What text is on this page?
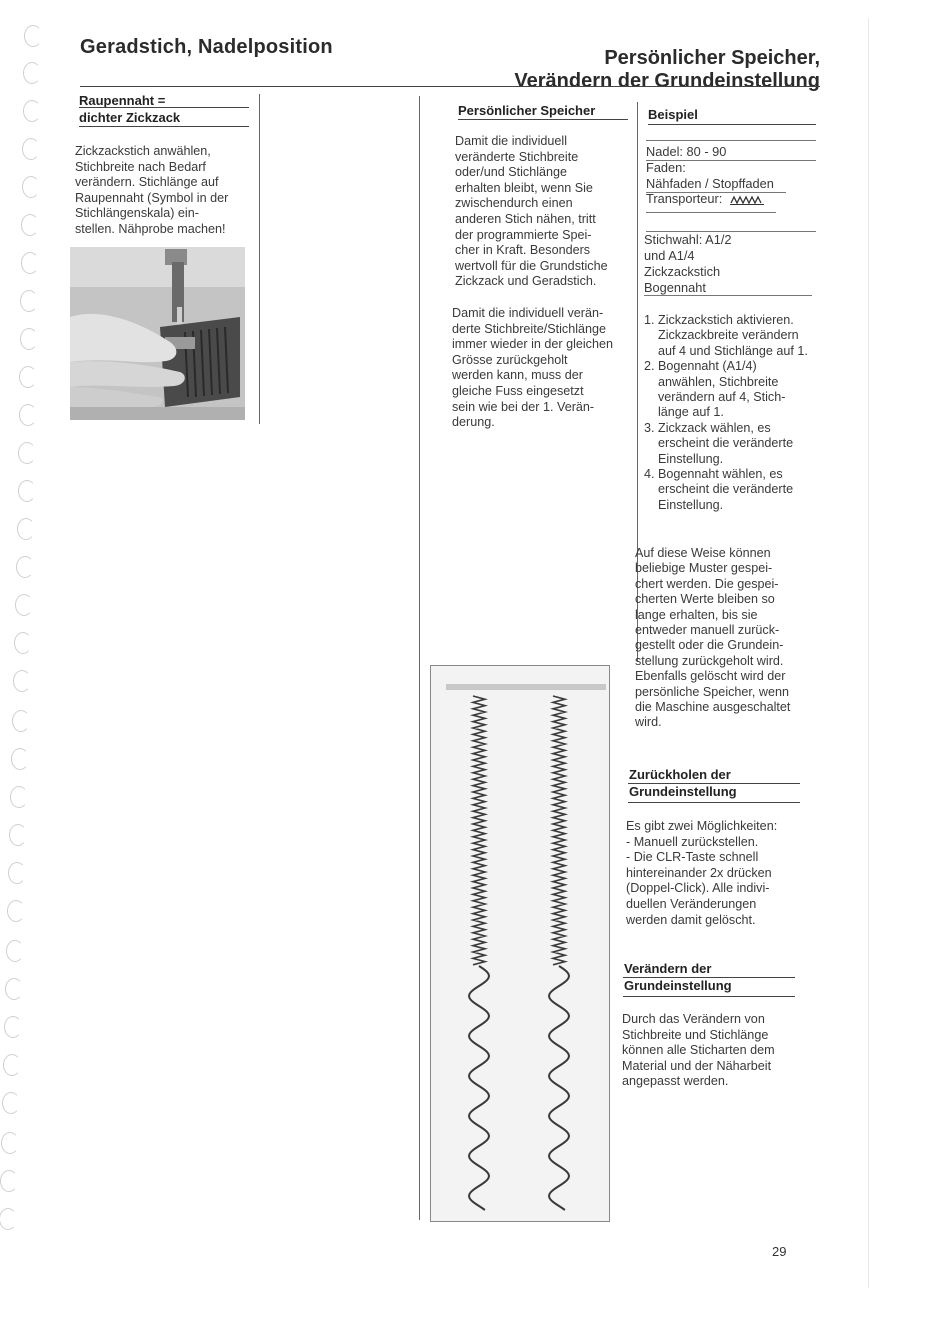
Geradstich, Nadelposition	Persönlicher Speicher,
Verändern der Grundeinstellung
Raupennaht =
dichter Zickzack
Zickzackstich anwählen,
Stichbreite nach Bedarf
verändern. Stichlänge auf
Raupennaht (Symbol in der
Stichlängenskala) ein-
stellen. Nähprobe machen!
Persönlicher Speicher
Damit die individuell
veränderte Stichbreite
oder/und Stichlänge
erhalten bleibt, wenn Sie
zwischendurch einen
anderen Stich nähen, tritt
der programmierte Spei-
cher in Kraft. Besonders
wertvoll für die Grundstiche
Zickzack und Geradstich.
Damit die individuell verän-
derte Stichbreite/Stichlänge
immer wieder in der gleichen
Grösse zurückgeholt
werden kann, muss der
gleiche Fuss eingesetzt
sein wie bei der 1. Verän-
derung.
Beispiel
Nadel: 80 - 90
Faden:
Nähfaden / Stopffaden
Transporteur:
Stichwahl: A1/2
und A1/4
Zickzackstich
Bogennaht
1. Zickzackstich aktivieren. Zickzackbreite verändern auf 4 und Stichlänge auf 1.
2. Bogennaht (A1/4) anwählen, Stichbreite verändern auf 4, Stich-länge auf 1.
3. Zickzack wählen, es erscheint die veränderte Einstellung.
4. Bogennaht wählen, es erscheint die veränderte Einstellung.
Auf diese Weise können
beliebige Muster gespei-
chert werden. Die gespei-
cherten Werte bleiben so
lange erhalten, bis sie
entweder manuell zurück-
gestellt oder die Grundein-
stellung zurückgeholt wird.
Ebenfalls gelöscht wird der
persönliche Speicher, wenn
die Maschine ausgeschaltet
wird.
Zurückholen der
Grundeinstellung
Es gibt zwei Möglichkeiten:
- Manuell zurückstellen.
- Die CLR-Taste schnell
hintereinander 2x drücken
(Doppel-Click). Alle indivi-
duellen Veränderungen
werden damit gelöscht.
Verändern der
Grundeinstellung
Durch das Verändern von
Stichbreite und Stichlänge
können alle Sticharten dem
Material und der Näharbeit
angepasst werden.
29
